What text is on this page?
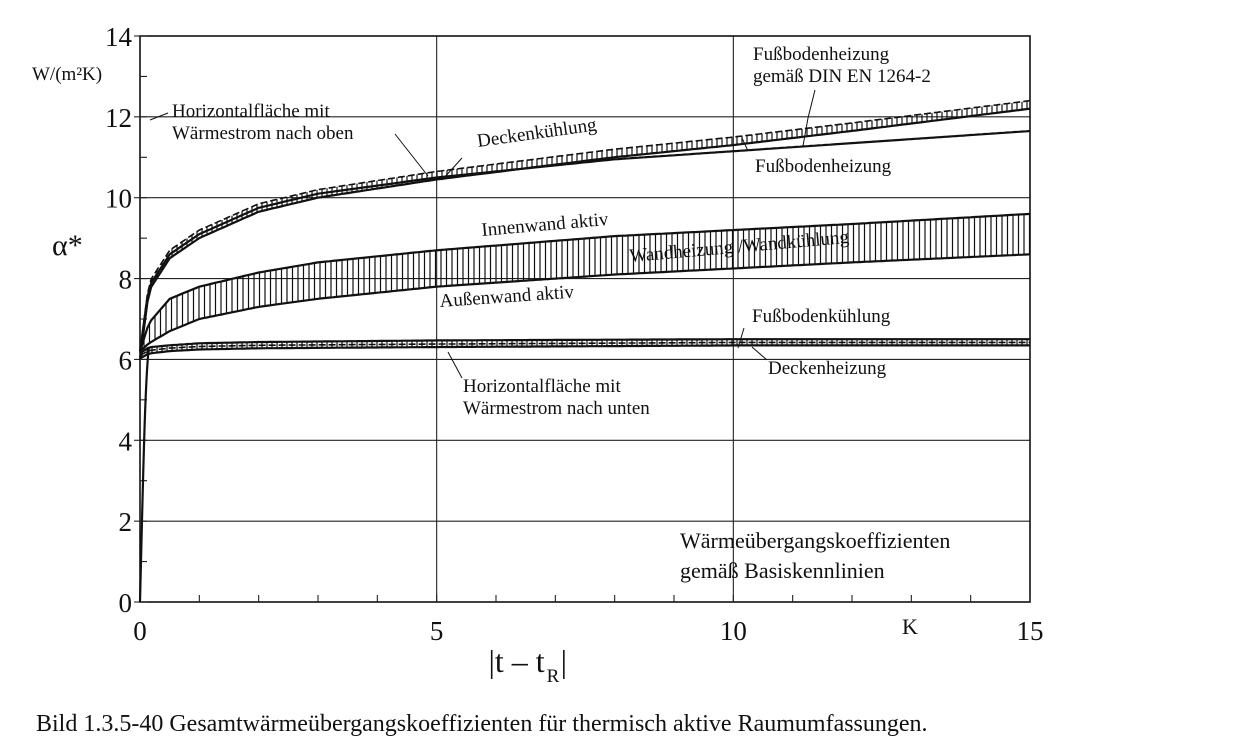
0
2
4
6
8
10
12
14
0	5	10	15
α*
W/(m²K)
|t – t R |
K
Horizontalfläche mit
Wärmestrom nach oben	Deckenkühlung
Fußbodenheizung
gemäß DIN EN 1264-2
Fußbodenheizung
Innenwand aktiv
Wandheizung /Wandkühlung
Außenwand aktiv
Fußbodenkühlung
Deckenheizung
Horizontalfläche mit
Wärmestrom nach unten
Wärmeübergangskoeffizienten
gemäß Basiskennlinien
Bild 1.3.5-40 Gesamtwärmeübergangskoeffizienten für thermisch aktive Raumumfassungen.
